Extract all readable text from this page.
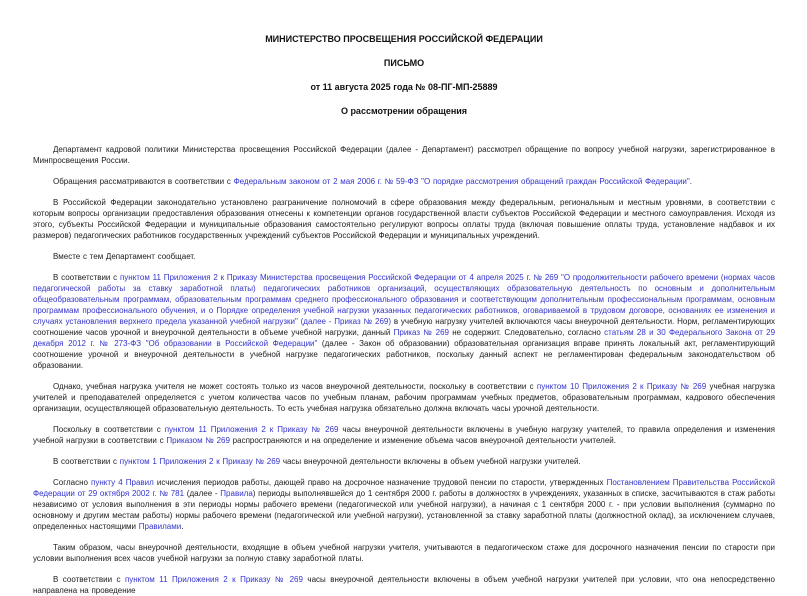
МИНИСТЕРСТВО ПРОСВЕЩЕНИЯ РОССИЙСКОЙ ФЕДЕРАЦИИ
ПИСЬМО
от 11 августа 2025 года № 08-ПГ-МП-25889
О рассмотрении обращения

Департамент кадровой политики Министерства просвещения Российской Федерации (далее - Департамент) рассмотрел обращение по вопросу учебной нагрузки, зарегистрированное в Минпросвещения России.

Обращения рассматриваются в соответствии с Федеральным законом от 2 мая 2006 г. № 59-ФЗ "О порядке рассмотрения обращений граждан Российской Федерации".

В Российской Федерации законодательно установлено разграничение полномочий в сфере образования между федеральным, региональным и местным уровнями, в соответствии с которым вопросы организации предоставления образования отнесены к компетенции органов государственной власти субъектов Российской Федерации и местного самоуправления. Исходя из этого, субъекты Российской Федерации и муниципальные образования самостоятельно регулируют вопросы оплаты труда (включая повышение оплаты труда, установление надбавок и их размеров) педагогических работников государственных учреждений субъектов Российской Федерации и муниципальных учреждений.

Вместе с тем Департамент сообщает.

В соответствии с пунктом 11 Приложения 2 к Приказу Министерства просвещения Российской Федерации от 4 апреля 2025 г. № 269 "О продолжительности рабочего времени (нормах часов педагогической работы за ставку заработной платы) педагогических работников организаций, осуществляющих образовательную деятельность по основным и дополнительным общеобразовательным программам, образовательным программам среднего профессионального образования и соответствующим дополнительным профессиональным программам, основным программам профессионального обучения, и о Порядке определения учебной нагрузки указанных педагогических работников, оговариваемой в трудовом договоре, основаниях ее изменения и случаях установления верхнего предела указанной учебной нагрузки" (далее - Приказ № 269) в учебную нагрузку учителей включаются часы внеурочной деятельности. Норм, регламентирующих соотношение часов урочной и внеурочной деятельности в объеме учебной нагрузки, данный Приказ № 269 не содержит. Следовательно, согласно статьям 28 и 30 Федерального Закона от 29 декабря 2012 г. № 273-ФЗ "Об образовании в Российской Федерации" (далее - Закон об образовании) образовательная организация вправе принять локальный акт, регламентирующий соотношение урочной и внеурочной деятельности в учебной нагрузке педагогических работников, поскольку данный аспект не регламентирован федеральным законодательством об образовании.

Однако, учебная нагрузка учителя не может состоять только из часов внеурочной деятельности, поскольку в соответствии с пунктом 10 Приложения 2 к Приказу № 269 учебная нагрузка учителей и преподавателей определяется с учетом количества часов по учебным планам, рабочим программам учебных предметов, образовательным программам, кадрового обеспечения организации, осуществляющей образовательную деятельность. То есть учебная нагрузка обязательно должна включать часы урочной деятельности.

Поскольку в соответствии с пунктом 11 Приложения 2 к Приказу № 269 часы внеурочной деятельности включены в учебную нагрузку учителей, то правила определения и изменения учебной нагрузки в соответствии с Приказом № 269 распространяются и на определение и изменение объема часов внеурочной деятельности учителей.

В соответствии с пунктом 1 Приложения 2 к Приказу № 269 часы внеурочной деятельности включены в объем учебной нагрузки учителей.

Согласно пункту 4 Правил исчисления периодов работы, дающей право на досрочное назначение трудовой пенсии по старости, утвержденных Постановлением Правительства Российской Федерации от 29 октября 2002 г. № 781 (далее - Правила) периоды выполнявшейся до 1 сентября 2000 г. работы в должностях в учреждениях, указанных в списке, засчитываются в стаж работы независимо от условия выполнения в эти периоды нормы рабочего времени (педагогической или учебной нагрузки), а начиная с 1 сентября 2000 г. - при условии выполнения (суммарно по основному и другим местам работы) нормы рабочего времени (педагогической или учебной нагрузки), установленной за ставку заработной платы (должностной оклад), за исключением случаев, определенных настоящими Правилами.

Таким образом, часы внеурочной деятельности, входящие в объем учебной нагрузки учителя, учитываются в педагогическом стаже для досрочного назначения пенсии по старости при условии выполнения всех часов учебной нагрузки за полную ставку заработной платы.

В соответствии с пунктом 11 Приложения 2 к Приказу № 269 часы внеурочной деятельности включены в объем учебной нагрузки учителей при условии, что она непосредственно направлена на проведение
